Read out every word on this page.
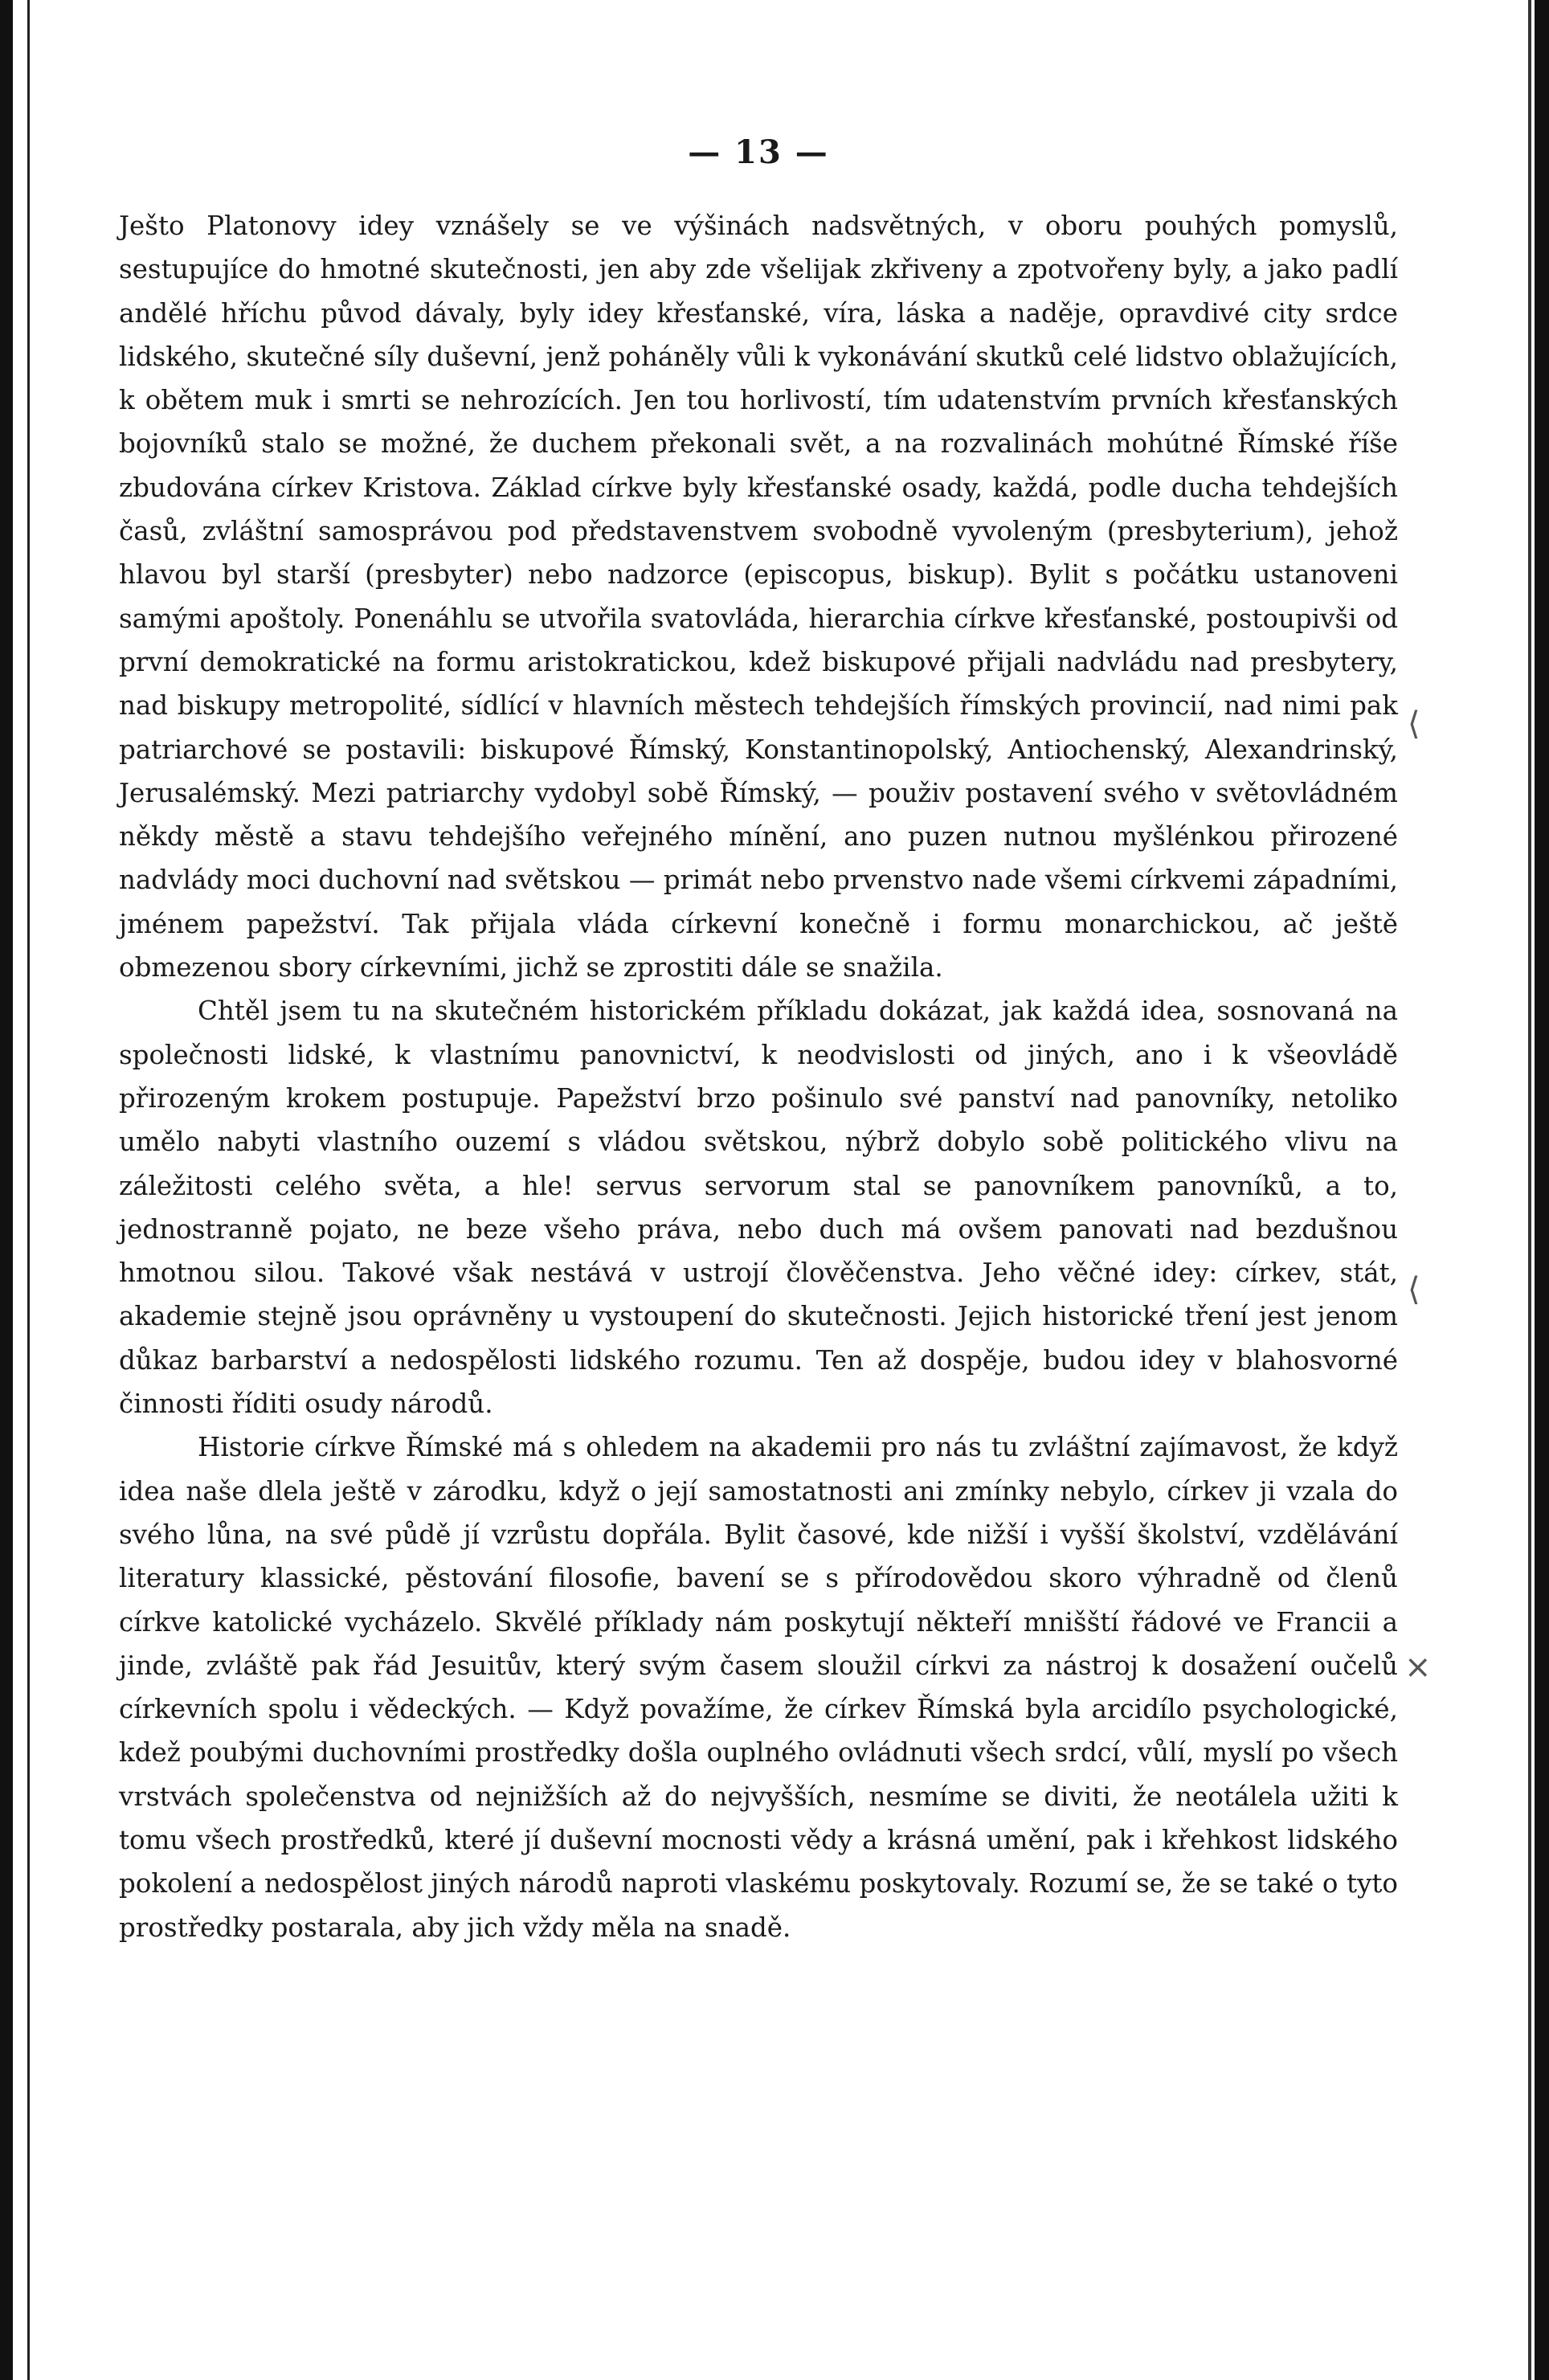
⟨
⟨
×
— 13 —

Ješto Platonovy idey vznášely se ve výšinách nadsvětných, v oboru pouhých pomyslů, sestupujíce do hmotné skutečnosti, jen aby zde všelijak zkřiveny a zpotvořeny byly, a jako padlí andělé hříchu původ dávaly, byly idey křesťanské, víra, láska a naděje, opravdivé city srdce lidského, skutečné síly duševní, jenž poháněly vůli k vykonávání skutků celé lidstvo oblažujících, k obětem muk i smrti se nehrozících. Jen tou horlivostí, tím udatenstvím prvních křesťanských bojovníků stalo se možné, že duchem překonali svět, a na rozvalinách mohútné Římské říše zbudována církev Kristova. Základ církve byly křesťanské osady, každá, podle ducha tehdejších časů, zvláštní samosprávou pod představenstvem svobodně vyvoleným (presbyterium), jehož hlavou byl starší (presbyter) nebo nadzorce (episcopus, biskup). Bylit s počátku ustanoveni samými apoštoly. Ponenáhlu se utvořila svatovláda, hierarchia církve křesťanské, postoupivši od první demokratické na formu aristokratickou, kdež biskupové přijali nadvládu nad presbytery, nad biskupy metropolité, sídlící v hlavních městech tehdejších římských provincií, nad nimi pak patriarchové se postavili: biskupové Římský, Konstantinopolský, Antiochenský, Alexandrinský, Jerusalémský. Mezi patriarchy vydobyl sobě Římský, — použiv postavení svého v světovládném někdy městě a stavu tehdejšího veřejného mínění, ano puzen nutnou myšlénkou přirozené nadvlády moci duchovní nad světskou — primát nebo prvenstvo nade všemi církvemi západními, jménem papežství. Tak přijala vláda církevní konečně i formu monarchickou, ač ještě obmezenou sbory církevními, jichž se zprostiti dále se snažila.

Chtěl jsem tu na skutečném historickém příkladu dokázat, jak každá idea, sosnovaná na společnosti lidské, k vlastnímu panovnictví, k neodvislosti od jiných, ano i k všeovládě přirozeným krokem postupuje. Papežství brzo pošinulo své panství nad panovníky, netoliko umělo nabyti vlastního ouzemí s vládou světskou, nýbrž dobylo sobě politického vlivu na záležitosti celého světa, a hle! servus servorum stal se panovníkem panovníků, a to, jednostranně pojato, ne beze všeho práva, nebo duch má ovšem panovati nad bezdušnou hmotnou silou. Takové však nestává v ustrojí člověčenstva. Jeho věčné idey: církev, stát, akademie stejně jsou oprávněny u vystoupení do skutečnosti. Jejich historické tření jest jenom důkaz barbarství a nedospělosti lidského rozumu. Ten až dospěje, budou idey v blahosvorné činnosti říditi osudy národů.

Historie církve Římské má s ohledem na akademii pro nás tu zvláštní zajímavost, že když idea naše dlela ještě v zárodku, když o její samostatnosti ani zmínky nebylo, církev ji vzala do svého lůna, na své půdě jí vzrůstu dopřála. Bylit časové, kde nižší i vyšší školství, vzdělávání literatury klassické, pěstování filosofie, bavení se s přírodovědou skoro výhradně od členů církve katolické vycházelo. Skvělé příklady nám poskytují někteří mnišští řádové ve Francii a jinde, zvláště pak řád Jesuitův, který svým časem sloužil církvi za nástroj k dosažení oučelů církevních spolu i vědeckých. — Když považíme, že církev Římská byla arcidílo psychologické, kdež poubými duchovními prostředky došla ouplného ovládnuti všech srdcí, vůlí, myslí po všech vrstvách společenstva od nejnižších až do nejvyšších, nesmíme se diviti, že neotálela užiti k tomu všech prostředků, které jí duševní mocnosti vědy a krásná umění, pak i křehkost lidského pokolení a nedospělost jiných národů naproti vlaskému poskytovaly. Rozumí se, že se také o tyto prostředky postarala, aby jich vždy měla na snadě.
